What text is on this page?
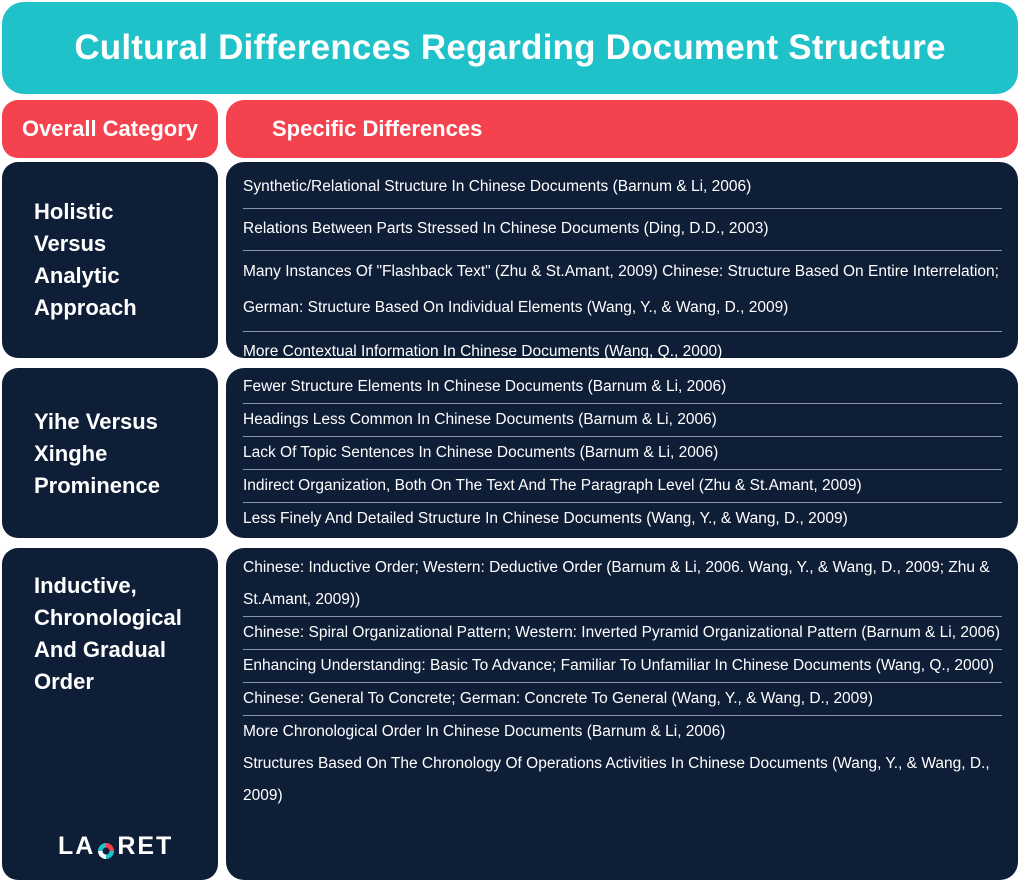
Cultural Differences Regarding Document Structure
Overall Category	Specific Differences
Holistic Versus Analytic Approach
Synthetic/Relational Structure In Chinese Documents (Barnum & Li, 2006)
Relations Between Parts Stressed In Chinese Documents (Ding, D.D., 2003)
Many Instances Of "Flashback Text" (Zhu & St.Amant, 2009) Chinese: Structure Based On Entire Interrelation; German: Structure Based On Individual Elements (Wang, Y., & Wang, D., 2009)
More Contextual Information In Chinese Documents (Wang, Q., 2000)
Yihe Versus Xinghe Prominence
Fewer Structure Elements In Chinese Documents (Barnum & Li, 2006)
Headings Less Common In Chinese Documents (Barnum & Li, 2006)
Lack Of Topic Sentences In Chinese Documents (Barnum & Li, 2006)
Indirect Organization, Both On The Text And The Paragraph Level (Zhu & St.Amant, 2009)
Less Finely And Detailed Structure In Chinese Documents (Wang, Y., & Wang, D., 2009)
Inductive, Chronological And Gradual Order
Chinese: Inductive Order; Western: Deductive Order (Barnum & Li, 2006. Wang, Y., & Wang, D., 2009; Zhu & St.Amant, 2009))
Chinese: Spiral Organizational Pattern; Western: Inverted Pyramid Organizational Pattern (Barnum & Li, 2006)
Enhancing Understanding: Basic To Advance; Familiar To Unfamiliar In Chinese Documents (Wang, Q., 2000)
Chinese: General To Concrete; German: Concrete To General (Wang, Y., & Wang, D., 2009)
More Chronological Order In Chinese Documents (Barnum & Li, 2006)
Structures Based On The Chronology Of Operations Activities In Chinese Documents (Wang, Y., & Wang, D., 2009)
LA RET
